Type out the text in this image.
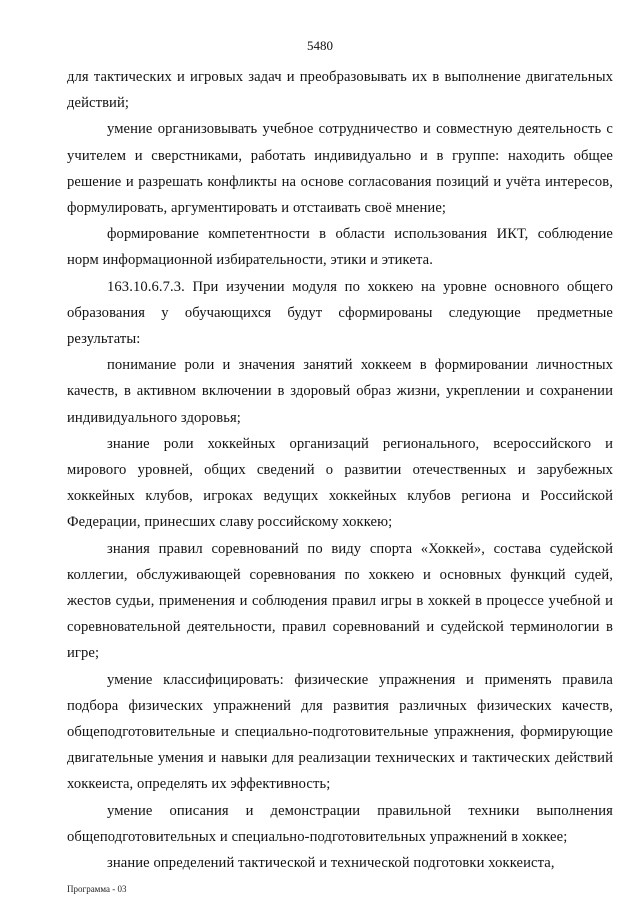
5480

для тактических и игровых задач и преобразовывать их в выполнение двигательных действий;

умение организовывать учебное сотрудничество и совместную деятельность с учителем и сверстниками, работать индивидуально и в группе: находить общее решение и разрешать конфликты на основе согласования позиций и учёта интересов, формулировать, аргументировать и отстаивать своё мнение;

формирование компетентности в области использования ИКТ, соблюдение норм информационной избирательности, этики и этикета.

163.10.6.7.3. При изучении модуля по хоккею на уровне основного общего образования у обучающихся будут сформированы следующие предметные результаты:

понимание роли и значения занятий хоккеем в формировании личностных качеств, в активном включении в здоровый образ жизни, укреплении и сохранении индивидуального здоровья;

знание роли хоккейных организаций регионального, всероссийского и мирового уровней, общих сведений о развитии отечественных и зарубежных хоккейных клубов, игроках ведущих хоккейных клубов региона и Российской Федерации, принесших славу российскому хоккею;

знания правил соревнований по виду спорта «Хоккей», состава судейской коллегии, обслуживающей соревнования по хоккею и основных функций судей, жестов судьи, применения и соблюдения правил игры в хоккей в процессе учебной и соревновательной деятельности, правил соревнований и судейской терминологии в игре;

умение классифицировать: физические упражнения и применять правила подбора физических упражнений для развития различных физических качеств, общеподготовительные и специально-подготовительные упражнения, формирующие двигательные умения и навыки для реализации технических и тактических действий хоккеиста, определять их эффективность;

умение описания и демонстрации правильной техники выполнения общеподготовительных и специально-подготовительных упражнений в хоккее;

знание определений тактической и технической подготовки хоккеиста,

Программа - 03
